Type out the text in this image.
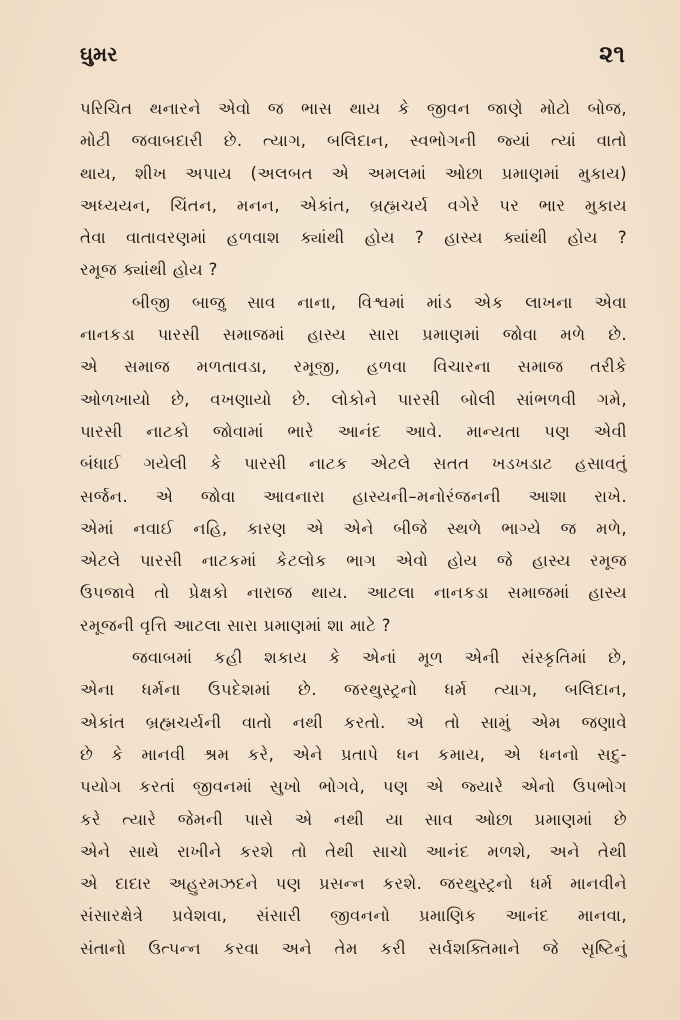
ઘુમર	૨૧
પરિચિત થનારને એવો જ ભાસ થાય કે જીવન જાણે મોટો બોજ,
મોટી જવાબદારી છે. ત્યાગ, બલિદાન, સ્વભોગની જ્યાં ત્યાં વાતો
થાય, શીખ અપાય (અલબત એ અમલમાં ઓછા પ્રમાણમાં મુકાય)
અધ્યયન, ચિંતન, મનન, એકાંત, બ્રહ્મચર્ય વગેરે પર ભાર મુકાય
તેવા વાતાવરણમાં હળવાશ ક્યાંથી હોય ? હાસ્ય ક્યાંથી હોય ?
રમૂજ ક્યાંથી હોય ?
બીજી બાજુ સાવ નાના, વિશ્વમાં માંડ એક લાખના એવા
નાનકડા પારસી સમાજમાં હાસ્ય સારા પ્રમાણમાં જોવા મળે છે.
એ સમાજ મળતાવડા, રમૂજી, હળવા વિચારના સમાજ તરીકે
ઓળખાયો છે, વખણાયો છે. લોકોને પારસી બોલી સાંભળવી ગમે,
પારસી નાટકો જોવામાં ભારે આનંદ આવે. માન્યતા પણ એવી
બંધાઈ ગયેલી કે પારસી નાટક એટલે સતત ખડખડાટ હસાવતું
સર્જન. એ જોવા આવનારા હાસ્યની–મનોરંજનની આશા રાખે.
એમાં નવાઈ નહિ, કારણ એ એને બીજે સ્થળે ભાગ્યે જ મળે,
એટલે પારસી નાટકમાં કેટલોક ભાગ એવો હોય જે હાસ્ય રમૂજ
ઉપજાવે તો પ્રેક્ષકો નારાજ થાય. આટલા નાનકડા સમાજમાં હાસ્ય
રમૂજની વૃત્તિ આટલા સારા પ્રમાણમાં શા માટે ?
જવાબમાં કહી શકાય કે એનાં મૂળ એની સંસ્કૃતિમાં છે,
એના ધર્મના ઉપદેશમાં છે. જરથુસ્ટ્રનો ધર્મ ત્યાગ, બલિદાન,
એકાંત બ્રહ્મચર્યની વાતો નથી કરતો. એ તો સામું એમ જણાવે
છે કે માનવી શ્રમ કરે, એને પ્રતાપે ધન કમાય, એ ધનનો સદુ-
પયોગ કરતાં જીવનમાં સુખો ભોગવે, પણ એ જ્યારે એનો ઉપભોગ
કરે ત્યારે જેમની પાસે એ નથી યા સાવ ઓછા પ્રમાણમાં છે
એને સાથે રાખીને કરશે તો તેથી સાચો આનંદ મળશે, અને તેથી
એ દાદાર અહુરમઝદને પણ પ્રસન્ન કરશે. જરથુસ્ટ્રનો ધર્મ માનવીને
સંસારક્ષેત્રે પ્રવેશવા, સંસારી જીવનનો પ્રમાણિક આનંદ માનવા,
સંતાનો ઉત્પન્ન કરવા અને તેમ કરી સર્વશક્તિમાને જે સૃષ્ટિનું
